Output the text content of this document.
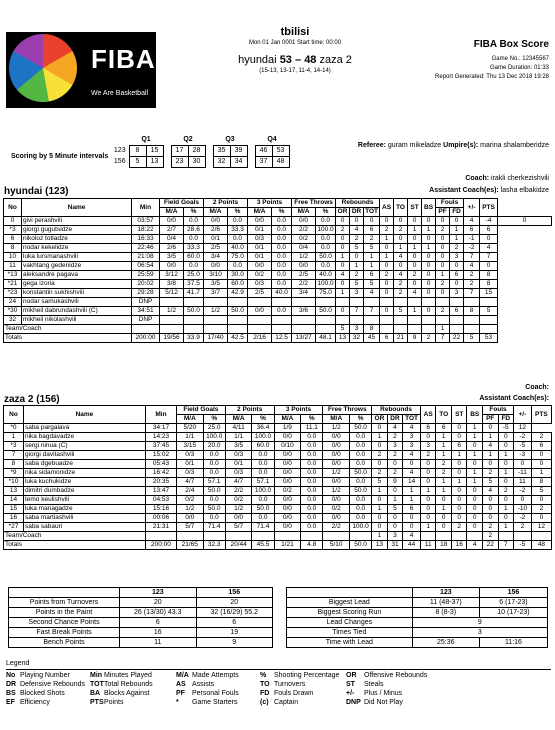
FIBA
We Are Basketball
tbilisi
Mon 01 Jan 0001 Start time: 00:00
hyundai 53 – 48 zaza 2
(15-13, 13-17, 11-4, 14-14)
FIBA Box Score
Game No.: 12345567
Game Duration: 01:33
Report Generated: Thu 13 Dec 2018 19:28
Referee: guram mikeladze Umpire(s): marina shalamberidze
		Q1			Q2			Q3			Q4	
Scoring by 5 Minute intervals	123	8	15		17	28		35	39		46	53
	156	5	13		23	30		32	34		37	48
Coach: irakli cherkezishvili
hyundai (123)	Assistant Coach(es): lasha elbakidze
No	Name	Min	Field Goals		2 Points		3 Points		Free Throws		Rebounds			AS	TO	ST	BS	Fouls		+/-	PTS	
			M/A	%	M/A	%	M/A	%	M/A	%	OR	DR	TOT					PF	FD			
0	givi perashvili	03:57	0/0	0.0	0/0	0.0	0/0	0.0	0/0	0.0	0	0	0	0	0	0	0	0	0	4	-4	0
*3	giorgi gugutsidze	18:22	2/7	28.6	2/6	33.3	0/1	0.0	2/2	100.0	2	4	6	2	2	1	1	2	1	6	6	
6	nikoloz totladze	16:33	0/4	0.0	0/1	0.0	0/3	0.0	0/2	0.0	0	2	2	1	0	0	0	0	1	-1	0	
8	nodar kekelidze	22:46	2/6	33.3	2/5	40.0	0/1	0.0	0/4	0.0	0	5	5	0	1	1	1	0	2	-2	4	
10	luka lursmanashvili	21:08	3/5	60.0	3/4	75.0	0/1	0.0	1/2	50.0	1	0	1	1	4	0	0	0	3	7	7	
11	vakhtang gedenidze	06:54	0/0	0.0	0/0	0.0	0/0	0.0	0/0	0.0	0	1	1	0	0	0	0	0	0	4	0	
*13	aleksandre pagava	25:59	3/12	25.0	3/10	30.0	0/2	0.0	2/5	40.0	4	2	6	2	4	2	0	1	6	2	8	
*21	gega izoria	20:02	3/8	37.5	3/5	60.0	0/3	0.0	2/2	100.0	0	5	5	0	2	0	0	2	0	2	8	
*23	konstantin sukhishvili	29:28	5/12	41.7	3/7	42.9	2/5	40.0	3/4	75.0	1	3	4	0	2	4	0	0	3	7	15	
24	nodar samukashvili	DNP																				
*30	mikheil dabrundashvili (C)	34:51	1/2	50.0	1/2	50.0	0/0	0.0	3/6	50.0	0	7	7	0	5	1	0	2	6	8	5	
32	mikheil nikolashvili	DNP																				
Team/Coach											5	3	8					1				
Totals		200:00	19/56	33.9	17/40	42.5	2/16	12.5	13/27	48.1	13	32	45	6	21	9	2	7	22	5	53	
Coach:
zaza 2 (156)	Assistant Coach(es):
No	Name	Min	Field Goals		2 Points		3 Points		Free Throws		Rebounds			AS	TO	ST	BS	Fouls		+/-	PTS
			M/A	%	M/A	%	M/A	%	M/A	%	OR	DR	TOT					PF	FD		
*0	saba pargalava	34:17	5/20	25.0	4/11	36.4	1/9	11.1	1/2	50.0	0	4	4	6	6	0	1	0	-5	12	
1	nika bagdavadze	14:23	1/1	100.0	1/1	100.0	0/0	0.0	0/0	0.0	1	2	3	0	1	0	1	1	0	-2	2
*3	sergi ninua (C)	37:45	3/15	20.0	3/5	60.0	0/10	0.0	0/0	0.0	0	3	3	3	1	6	0	4	0	-5	6
7	giorgi davitashvili	15:02	0/3	0.0	0/3	0.0	0/0	0.0	0/0	0.0	2	2	4	2	1	1	1	1	1	-3	0
8	saba dgebuadze	05:43	0/1	0.0	0/1	0.0	0/0	0.0	0/0	0.0	0	0	0	0	2	0	0	0	0	0	0
*9	nika sidamonidze	16:42	0/3	0.0	0/3	0.0	0/0	0.0	1/2	50.0	2	2	4	0	2	0	1	2	1	-11	1
*10	luka kuchukidze	20:35	4/7	57.1	4/7	57.1	0/0	0.0	0/0	0.0	5	9	14	0	1	1	1	5	0	11	8
13	dimitri dumbadze	13:47	2/4	50.0	2/2	100.0	0/2	0.0	1/2	50.0	1	0	1	1	1	0	0	4	2	-2	5
14	temo keulishvili	04:53	0/2	0.0	0/2	0.0	0/0	0.0	0/0	0.0	0	1	1	0	0	0	0	0	0	0	0
15	luka managadze	15:16	1/2	50.0	1/2	50.0	0/0	0.0	0/2	0.0	1	5	6	0	1	0	0	0	1	-10	2
16	saba martiashvili	00:06	0/0	0.0	0/0	0.0	0/0	0.0	0/0	0.0	0	0	0	0	0	0	0	0	0	-2	0
*27	saba sabauri	21:31	5/7	71.4	5/7	71.4	0/0	0.0	2/2	100.0	0	0	0	1	0	2	0	2	1	2	12
Team/Coach											1	3	4					2			
Totals		200:00	21/65	32.3	20/44	45.5	1/21	4.8	5/10	50.0	13	31	44	11	18	16	4	22	7	-5	48
	123	156
Points from Turnovers	20	20
Points in the Paint	26 (13/30) 43.3	32 (16/29) 55.2
Second Chance Points	6	6
Fast Break Points	16	19
Bench Points	11	9
	123	156
Biggest Lead	11 (48-37)	6 (17-23)
Biggest Scoring Run	8 (8-3)	10 (17-23)
Lead Changes	9	
Times Tied	3	
Time with Lead	25:36	11:16
Legend
No Playing Number	Min Minutes Played	M/A Made Attempts	%	Shooting Percentage OR	Offensive Rebounds
DR Defensive Rebounds TOT Total Rebounds	AS Assists	TO Turnovers	ST	Steals
BS Blocked Shots	BA Blocks Against	PF	Personal Fouls	FD Fouls Drawn	+/-	Plus / Minus
EF Efficiency	PTS Points	*	Game Starters	(c) Captain	DNP Did Not Play
